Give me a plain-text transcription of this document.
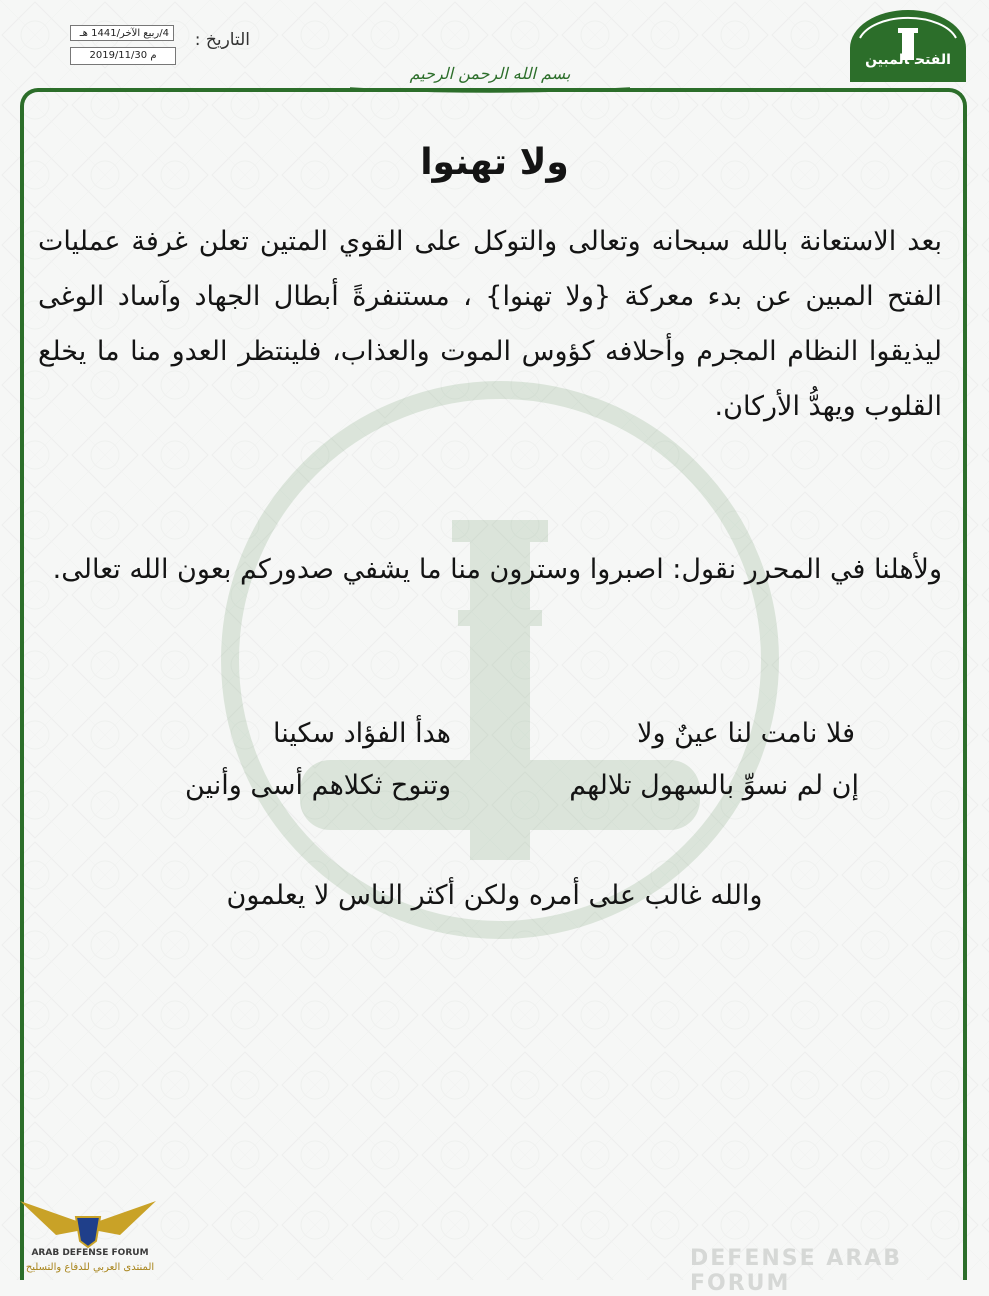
الفتحالمبين
التاريخ :
4/ربيع الآخر/1441 هـ
2019/11/30 م
بسم الله الرحمن الرحيم
ولا تهنوا
بعد الاستعانة بالله سبحانه وتعالى والتوكل على القوي المتين تعلن غرفة عمليات الفتح المبين عن بدء معركة {ولا تهنوا} ، مستنفرةً أبطال الجهاد وآساد الوغى ليذيقوا النظام المجرم وأحلافه كؤوس الموت والعذاب، فلينتظر العدو منا ما يخلع القلوب ويهدُّ الأركان.
ولأهلنا في المحرر نقول: اصبروا وسترون منا ما يشفي صدوركم بعون الله تعالى.
فلا نامت لنا عينٌ ولا
هدأ الفؤاد سكينا
إن لم نسوِّ بالسهول تلالهم
وتنوح ثكلاهم أسى وأنين
والله غالب على أمره ولكن أكثر الناس لا يعلمون
ARAB DEFENSE FORUM
المنتدى العربي للدفاع والتسليح	DEFENSE ARAB FORUM
